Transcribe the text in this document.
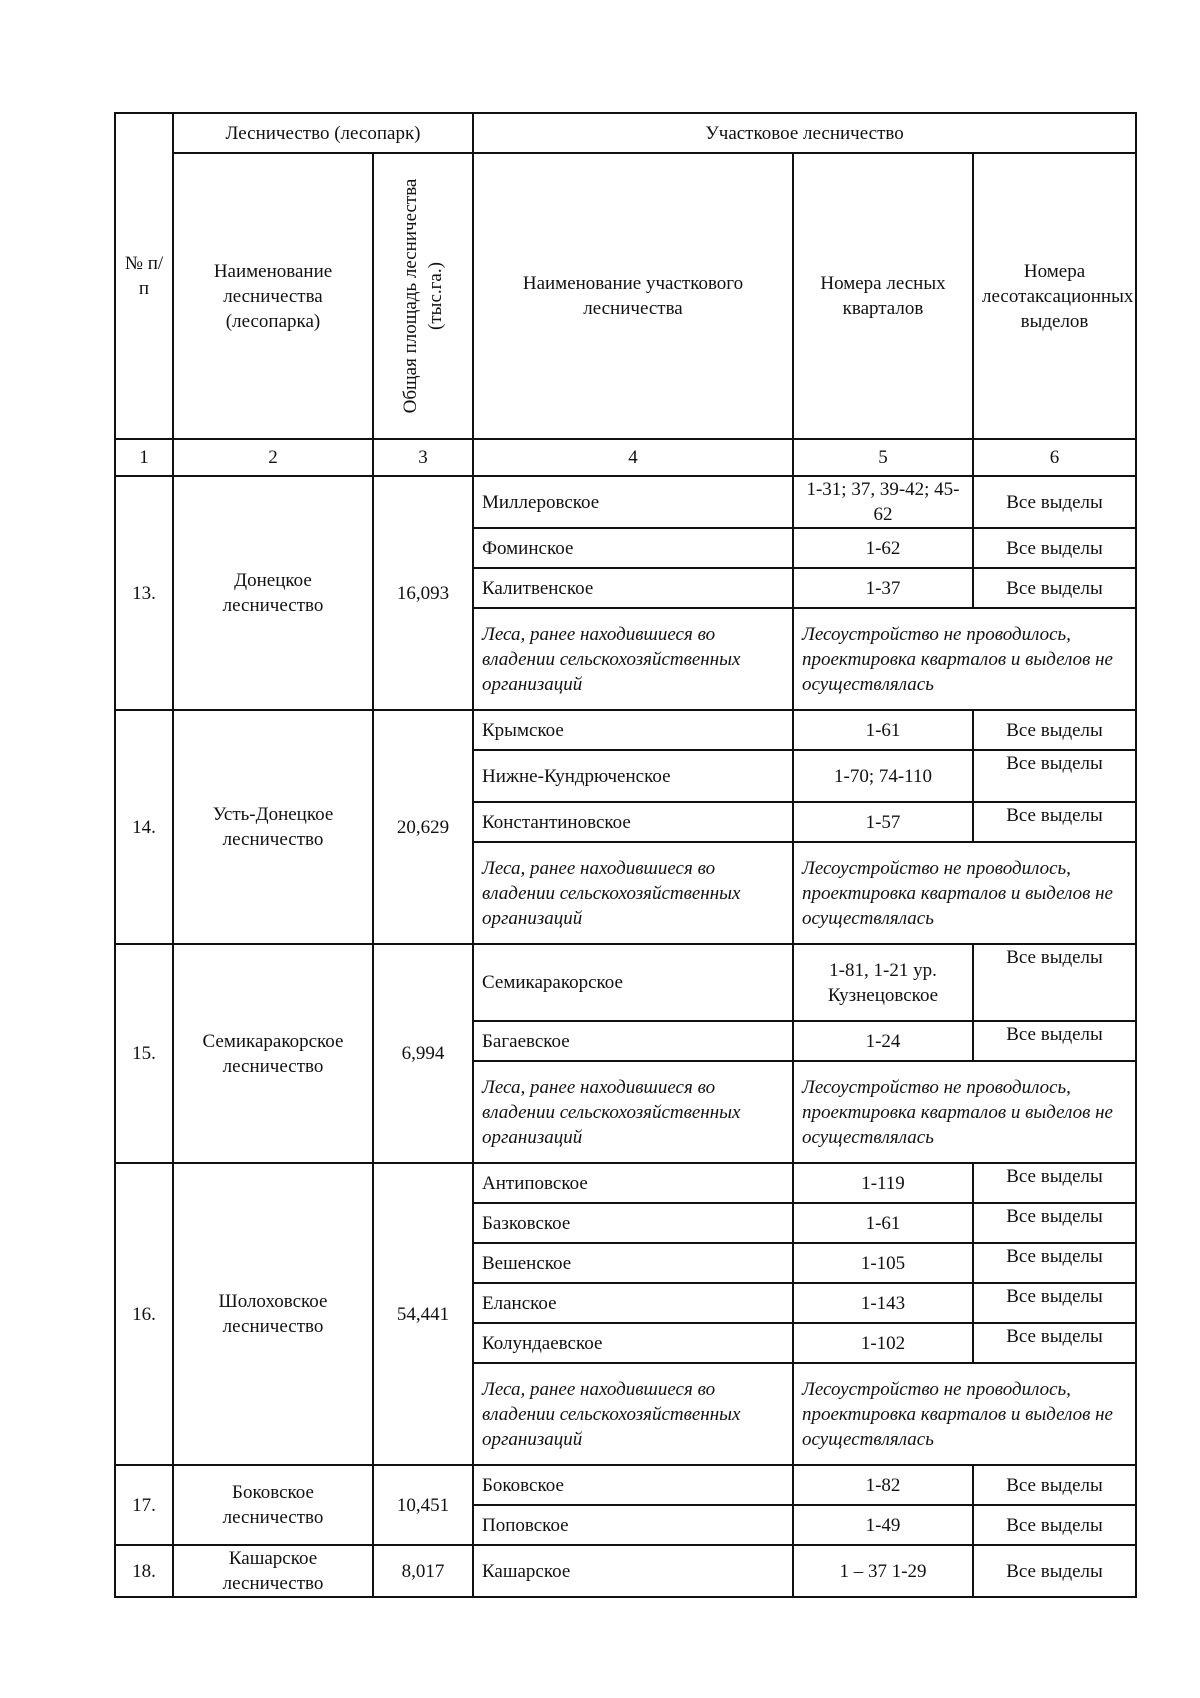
№ п/п	Лесничество (лесопарк)		Участковое лесничество		
	Наименование лесничества (лесопарка)	Общая площадь лесничества (тыс.га.)	Наименование участкового лесничества	Номера лесных кварталов	Номера лесотаксационных выделов
1	2	3	4	5	6
13.	Донецкое лесничество	16,093	Миллеровское	1-31; 37, 39-42; 45-62	Все выделы
			Фоминское	1-62	Все выделы
			Калитвенское	1-37	Все выделы
			Леса, ранее находившиеся во владении сельскохозяйственных организаций	Лесоустройство не проводилось, проектировка кварталов и выделов не осуществлялась	
14.	Усть-Донецкое лесничество	20,629	Крымское	1-61	Все выделы
			Нижне-Кундрюченское	1-70; 74-110	Все выделы
			Константиновское	1-57	Все выделы
			Леса, ранее находившиеся во владении сельскохозяйственных организаций	Лесоустройство не проводилось, проектировка кварталов и выделов не осуществлялась	
15.	Семикаракорское лесничество	6,994	Семикаракорское	1-81, 1-21 ур. Кузнецовское	Все выделы
			Багаевское	1-24	Все выделы
			Леса, ранее находившиеся во владении сельскохозяйственных организаций	Лесоустройство не проводилось, проектировка кварталов и выделов не осуществлялась	
16.	Шолоховское лесничество	54,441	Антиповское	1-119	Все выделы
			Базковское	1-61	Все выделы
			Вешенское	1-105	Все выделы
			Еланское	1-143	Все выделы
			Колундаевское	1-102	Все выделы
			Леса, ранее находившиеся во владении сельскохозяйственных организаций	Лесоустройство не проводилось, проектировка кварталов и выделов не осуществлялась	
17.	Боковское лесничество	10,451	Боковское	1-82	Все выделы
			Поповское	1-49	Все выделы
18.	Кашарское лесничество	8,017	Кашарское	1 – 37 1-29	Все выделы
